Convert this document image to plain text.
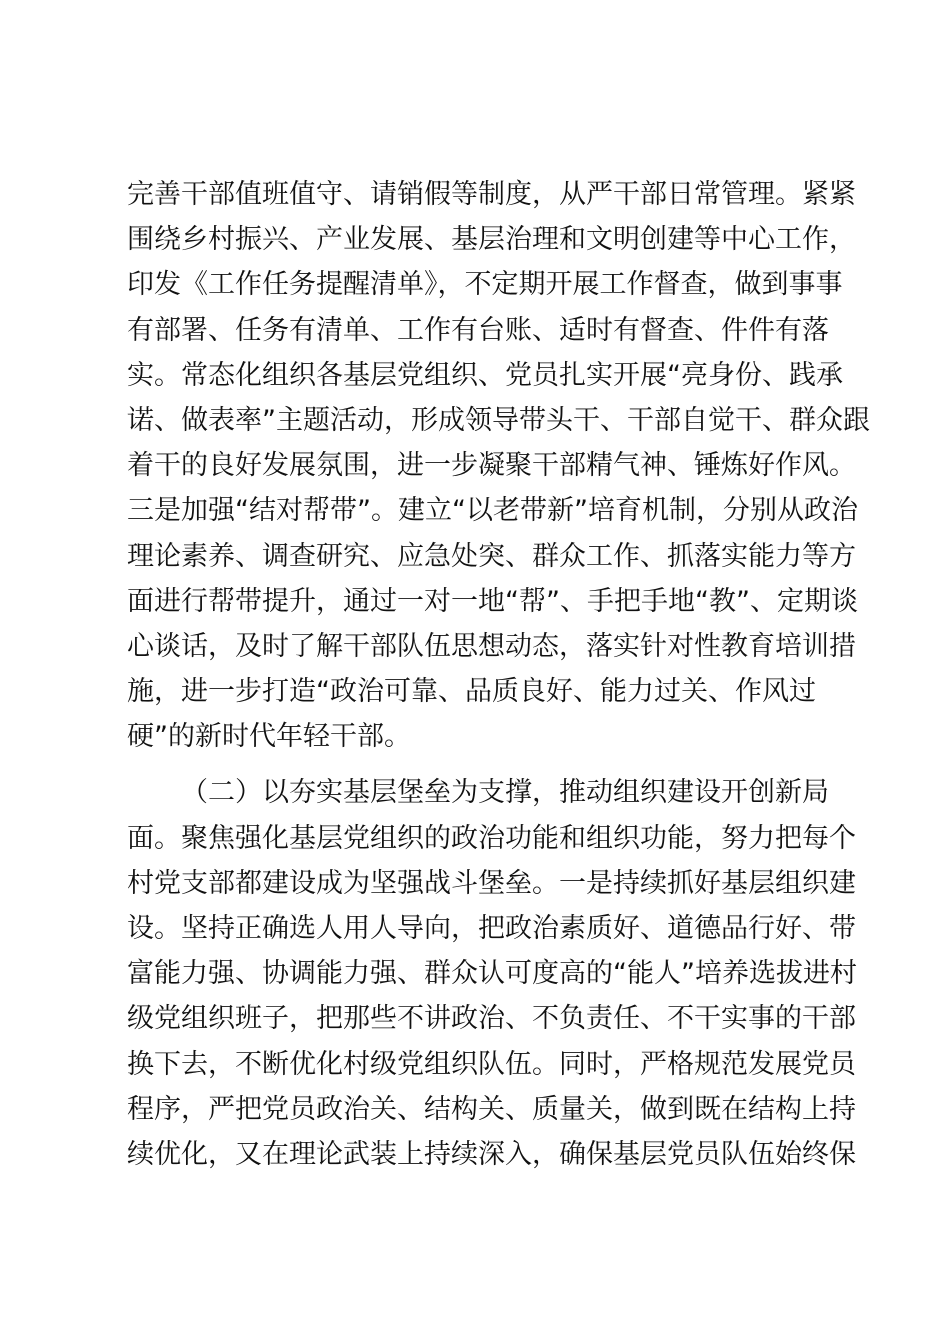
完善干部值班值守、请销假等制度，从严干部日常管理。紧紧
围绕乡村振兴、产业发展、基层治理和文明创建等中心工作，
印发《工作任务提醒清单》，不定期开展工作督查，做到事事
有部署、任务有清单、工作有台账、适时有督查、件件有落
实。常态化组织各基层党组织、党员扎实开展“亮身份、践承
诺、做表率”主题活动，形成领导带头干、干部自觉干、群众跟
着干的良好发展氛围，进一步凝聚干部精气神、锤炼好作风。
三是加强“结对帮带”。建立“以老带新”培育机制，分别从政治
理论素养、调查研究、应急处突、群众工作、抓落实能力等方
面进行帮带提升，通过一对一地“帮”、手把手地“教”、定期谈
心谈话，及时了解干部队伍思想动态，落实针对性教育培训措
施，进一步打造“政治可靠、品质良好、能力过关、作风过
硬”的新时代年轻干部。
（二）以夯实基层堡垒为支撑，推动组织建设开创新局
面。聚焦强化基层党组织的政治功能和组织功能，努力把每个
村党支部都建设成为坚强战斗堡垒。一是持续抓好基层组织建
设。坚持正确选人用人导向，把政治素质好、道德品行好、带
富能力强、协调能力强、群众认可度高的“能人”培养选拔进村
级党组织班子，把那些不讲政治、不负责任、不干实事的干部
换下去，不断优化村级党组织队伍。同时，严格规范发展党员
程序，严把党员政治关、结构关、质量关，做到既在结构上持
续优化，又在理论武装上持续深入，确保基层党员队伍始终保
